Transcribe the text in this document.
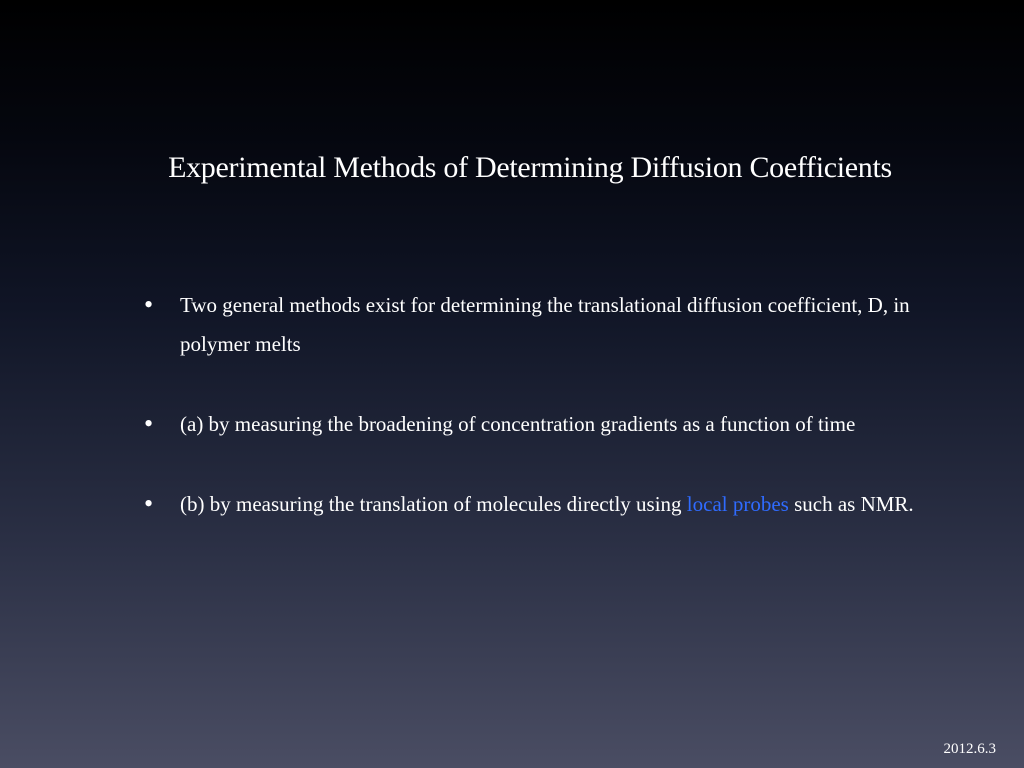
Experimental Methods of Determining Diffusion Coefficients
• Two general methods exist for determining the translational diffusion coefficient, D, in polymer melts
• (a) by measuring the broadening of concentration gradients as a function of time
• (b) by measuring the translation of molecules directly using local probes such as NMR.
2012.6.3
